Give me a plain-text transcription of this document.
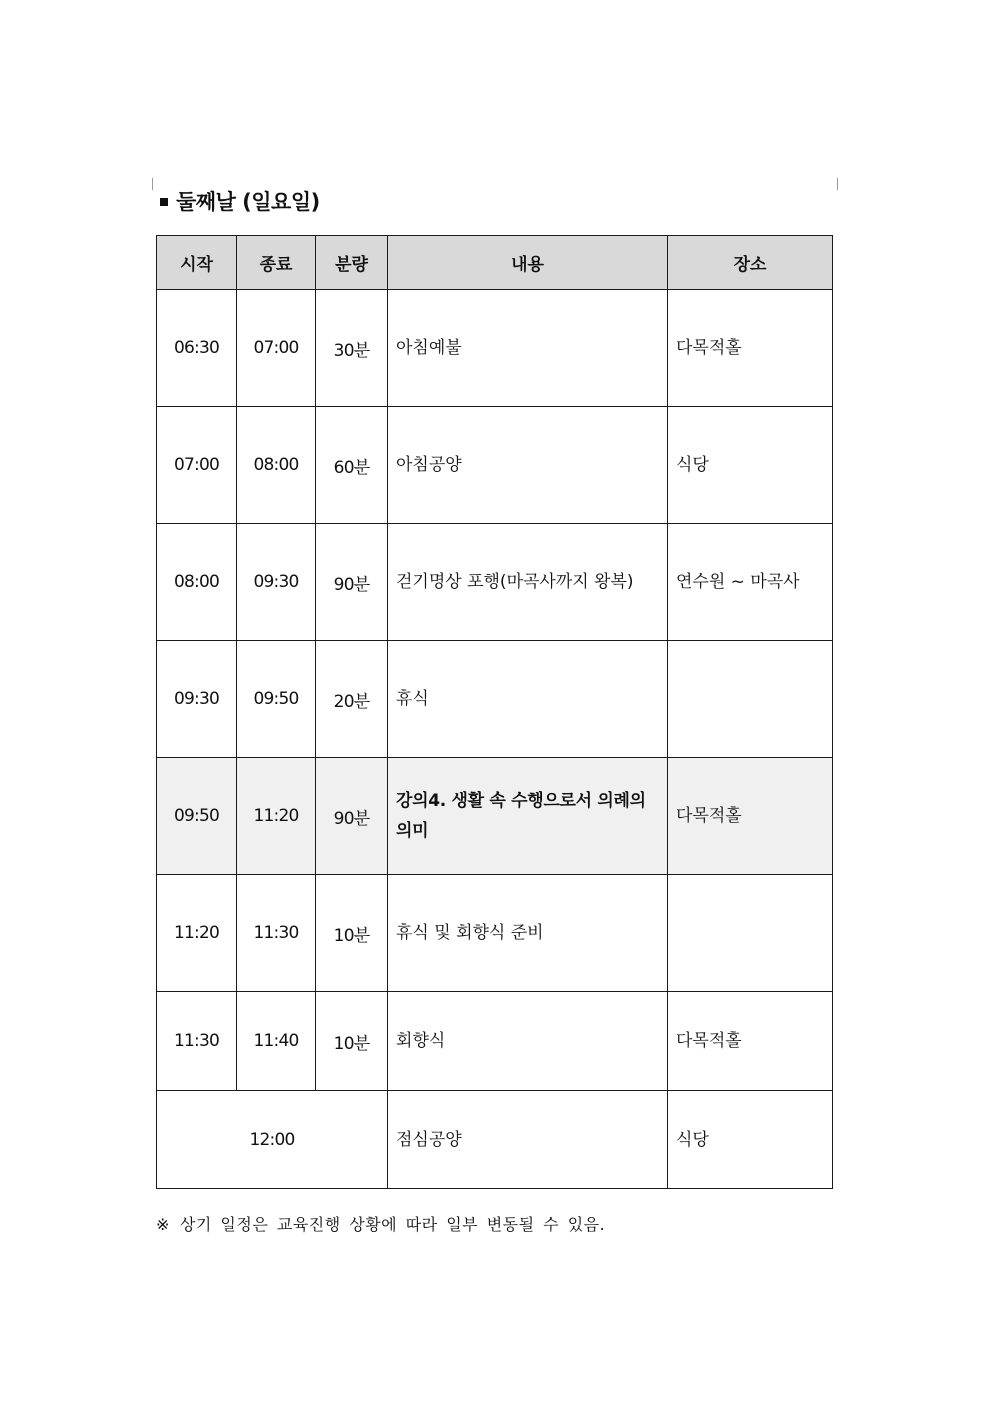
둘째날 (일요일)
시작	종료	분량	내용	장소
06:30	07:00	30분	아침예불	다목적홀
07:00	08:00	60분	아침공양	식당
08:00	09:30	90분	걷기명상 포행(마곡사까지 왕복)	연수원 ~ 마곡사
09:30	09:50	20분	휴식	
09:50	11:20	90분	강의4. 생활 속 수행으로서 의례의 의미	다목적홀
11:20	11:30	10분	휴식 및 회향식 준비	
11:30	11:40	10분	회향식	다목적홀
12:00			점심공양	식당
※ 상기 일정은 교육진행 상황에 따라 일부 변동될 수 있음.
